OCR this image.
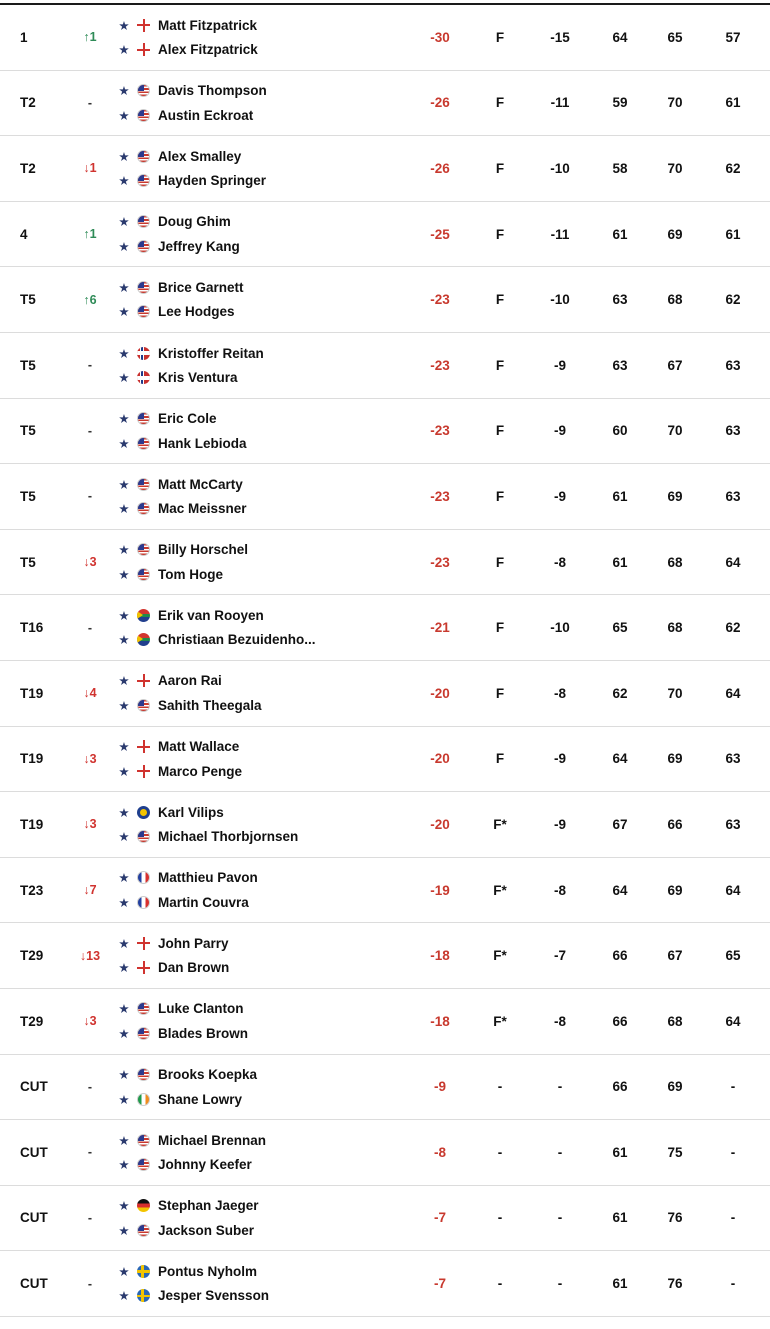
1	↑1
★ Matt Fitzpatrick
★ Alex Fitzpatrick
-30	F	-15	64	65	57
T2	-
★ Davis Thompson
★ Austin Eckroat
-26	F	-11	59	70	61
T2	↓1
★ Alex Smalley
★ Hayden Springer
-26	F	-10	58	70	62
4	↑1
★ Doug Ghim
★ Jeffrey Kang
-25	F	-11	61	69	61
T5	↑6
★ Brice Garnett
★ Lee Hodges
-23	F	-10	63	68	62
T5	-
★ Kristoffer Reitan
★ Kris Ventura
-23	F	-9	63	67	63
T5	-
★ Eric Cole
★ Hank Lebioda
-23	F	-9	60	70	63
T5	-
★ Matt McCarty
★ Mac Meissner
-23	F	-9	61	69	63
T5	↓3
★ Billy Horschel
★ Tom Hoge
-23	F	-8	61	68	64
T16	-
★ Erik van Rooyen
★ Christiaan Bezuidenho...
-21	F	-10	65	68	62
T19	↓4
★ Aaron Rai
★ Sahith Theegala
-20	F	-8	62	70	64
T19	↓3
★ Matt Wallace
★ Marco Penge
-20	F	-9	64	69	63
T19	↓3
★ Karl Vilips
★ Michael Thorbjornsen
-20	F*	-9	67	66	63
T23	↓7
★ Matthieu Pavon
★ Martin Couvra
-19	F*	-8	64	69	64
T29	↓13
★ John Parry
★ Dan Brown
-18	F*	-7	66	67	65
T29	↓3
★ Luke Clanton
★ Blades Brown
-18	F*	-8	66	68	64
CUT	-
★ Brooks Koepka
★ Shane Lowry
-9	-	-	66	69	-
CUT	-
★ Michael Brennan
★ Johnny Keefer
-8	-	-	61	75	-
CUT	-
★ Stephan Jaeger
★ Jackson Suber
-7	-	-	61	76	-
CUT	-
★ Pontus Nyholm
★ Jesper Svensson
-7	-	-	61	76	-
